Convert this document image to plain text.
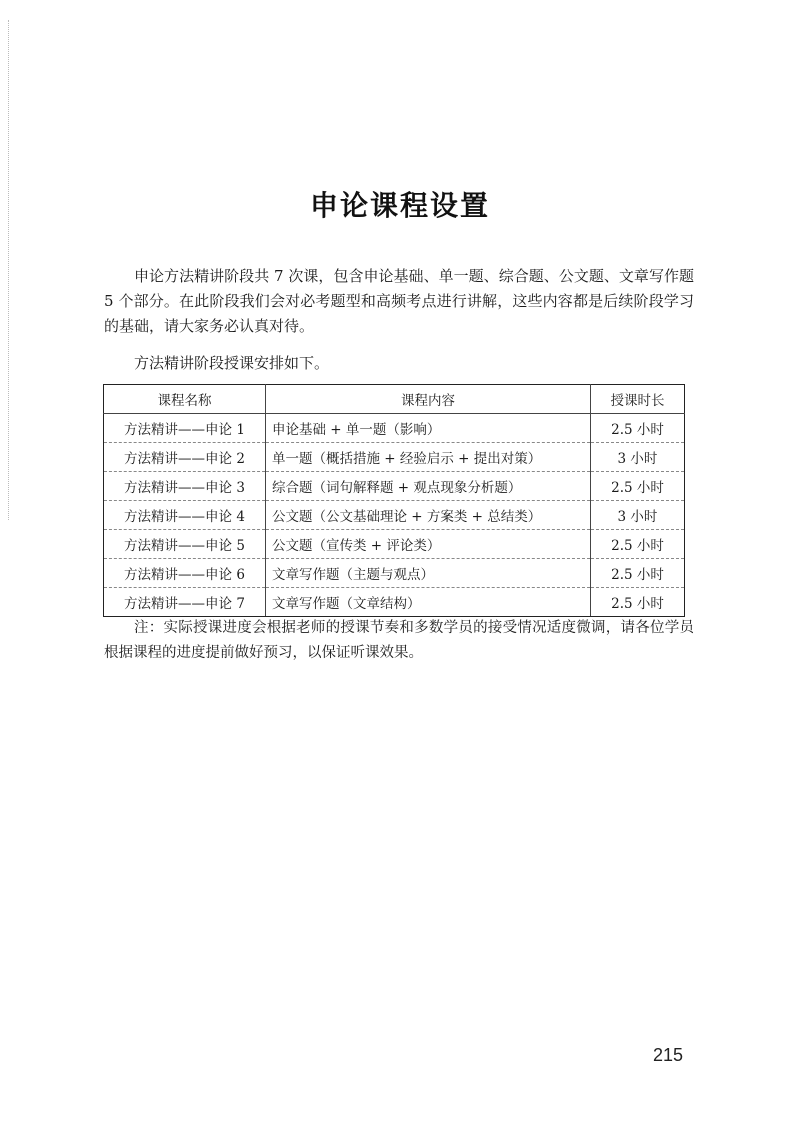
申论课程设置

申论方法精讲阶段共 7 次课，包含申论基础、单一题、综合题、公文题、文章写作题 5 个部分。在此阶段我们会对必考题型和高频考点进行讲解，这些内容都是后续阶段学习的基础，请大家务必认真对待。

方法精讲阶段授课安排如下。

课程名称	课程内容	授课时长
方法精讲——申论 1	申论基础 + 单一题（影响）	2.5 小时
方法精讲——申论 2	单一题（概括措施 + 经验启示 + 提出对策）	3 小时
方法精讲——申论 3	综合题（词句解释题 + 观点现象分析题）	2.5 小时
方法精讲——申论 4	公文题（公文基础理论 + 方案类 + 总结类）	3 小时
方法精讲——申论 5	公文题（宣传类 + 评论类）	2.5 小时
方法精讲——申论 6	文章写作题（主题与观点）	2.5 小时
方法精讲——申论 7	文章写作题（文章结构）	2.5 小时

注：实际授课进度会根据老师的授课节奏和多数学员的接受情况适度微调，请各位学员根据课程的进度提前做好预习，以保证听课效果。

215
